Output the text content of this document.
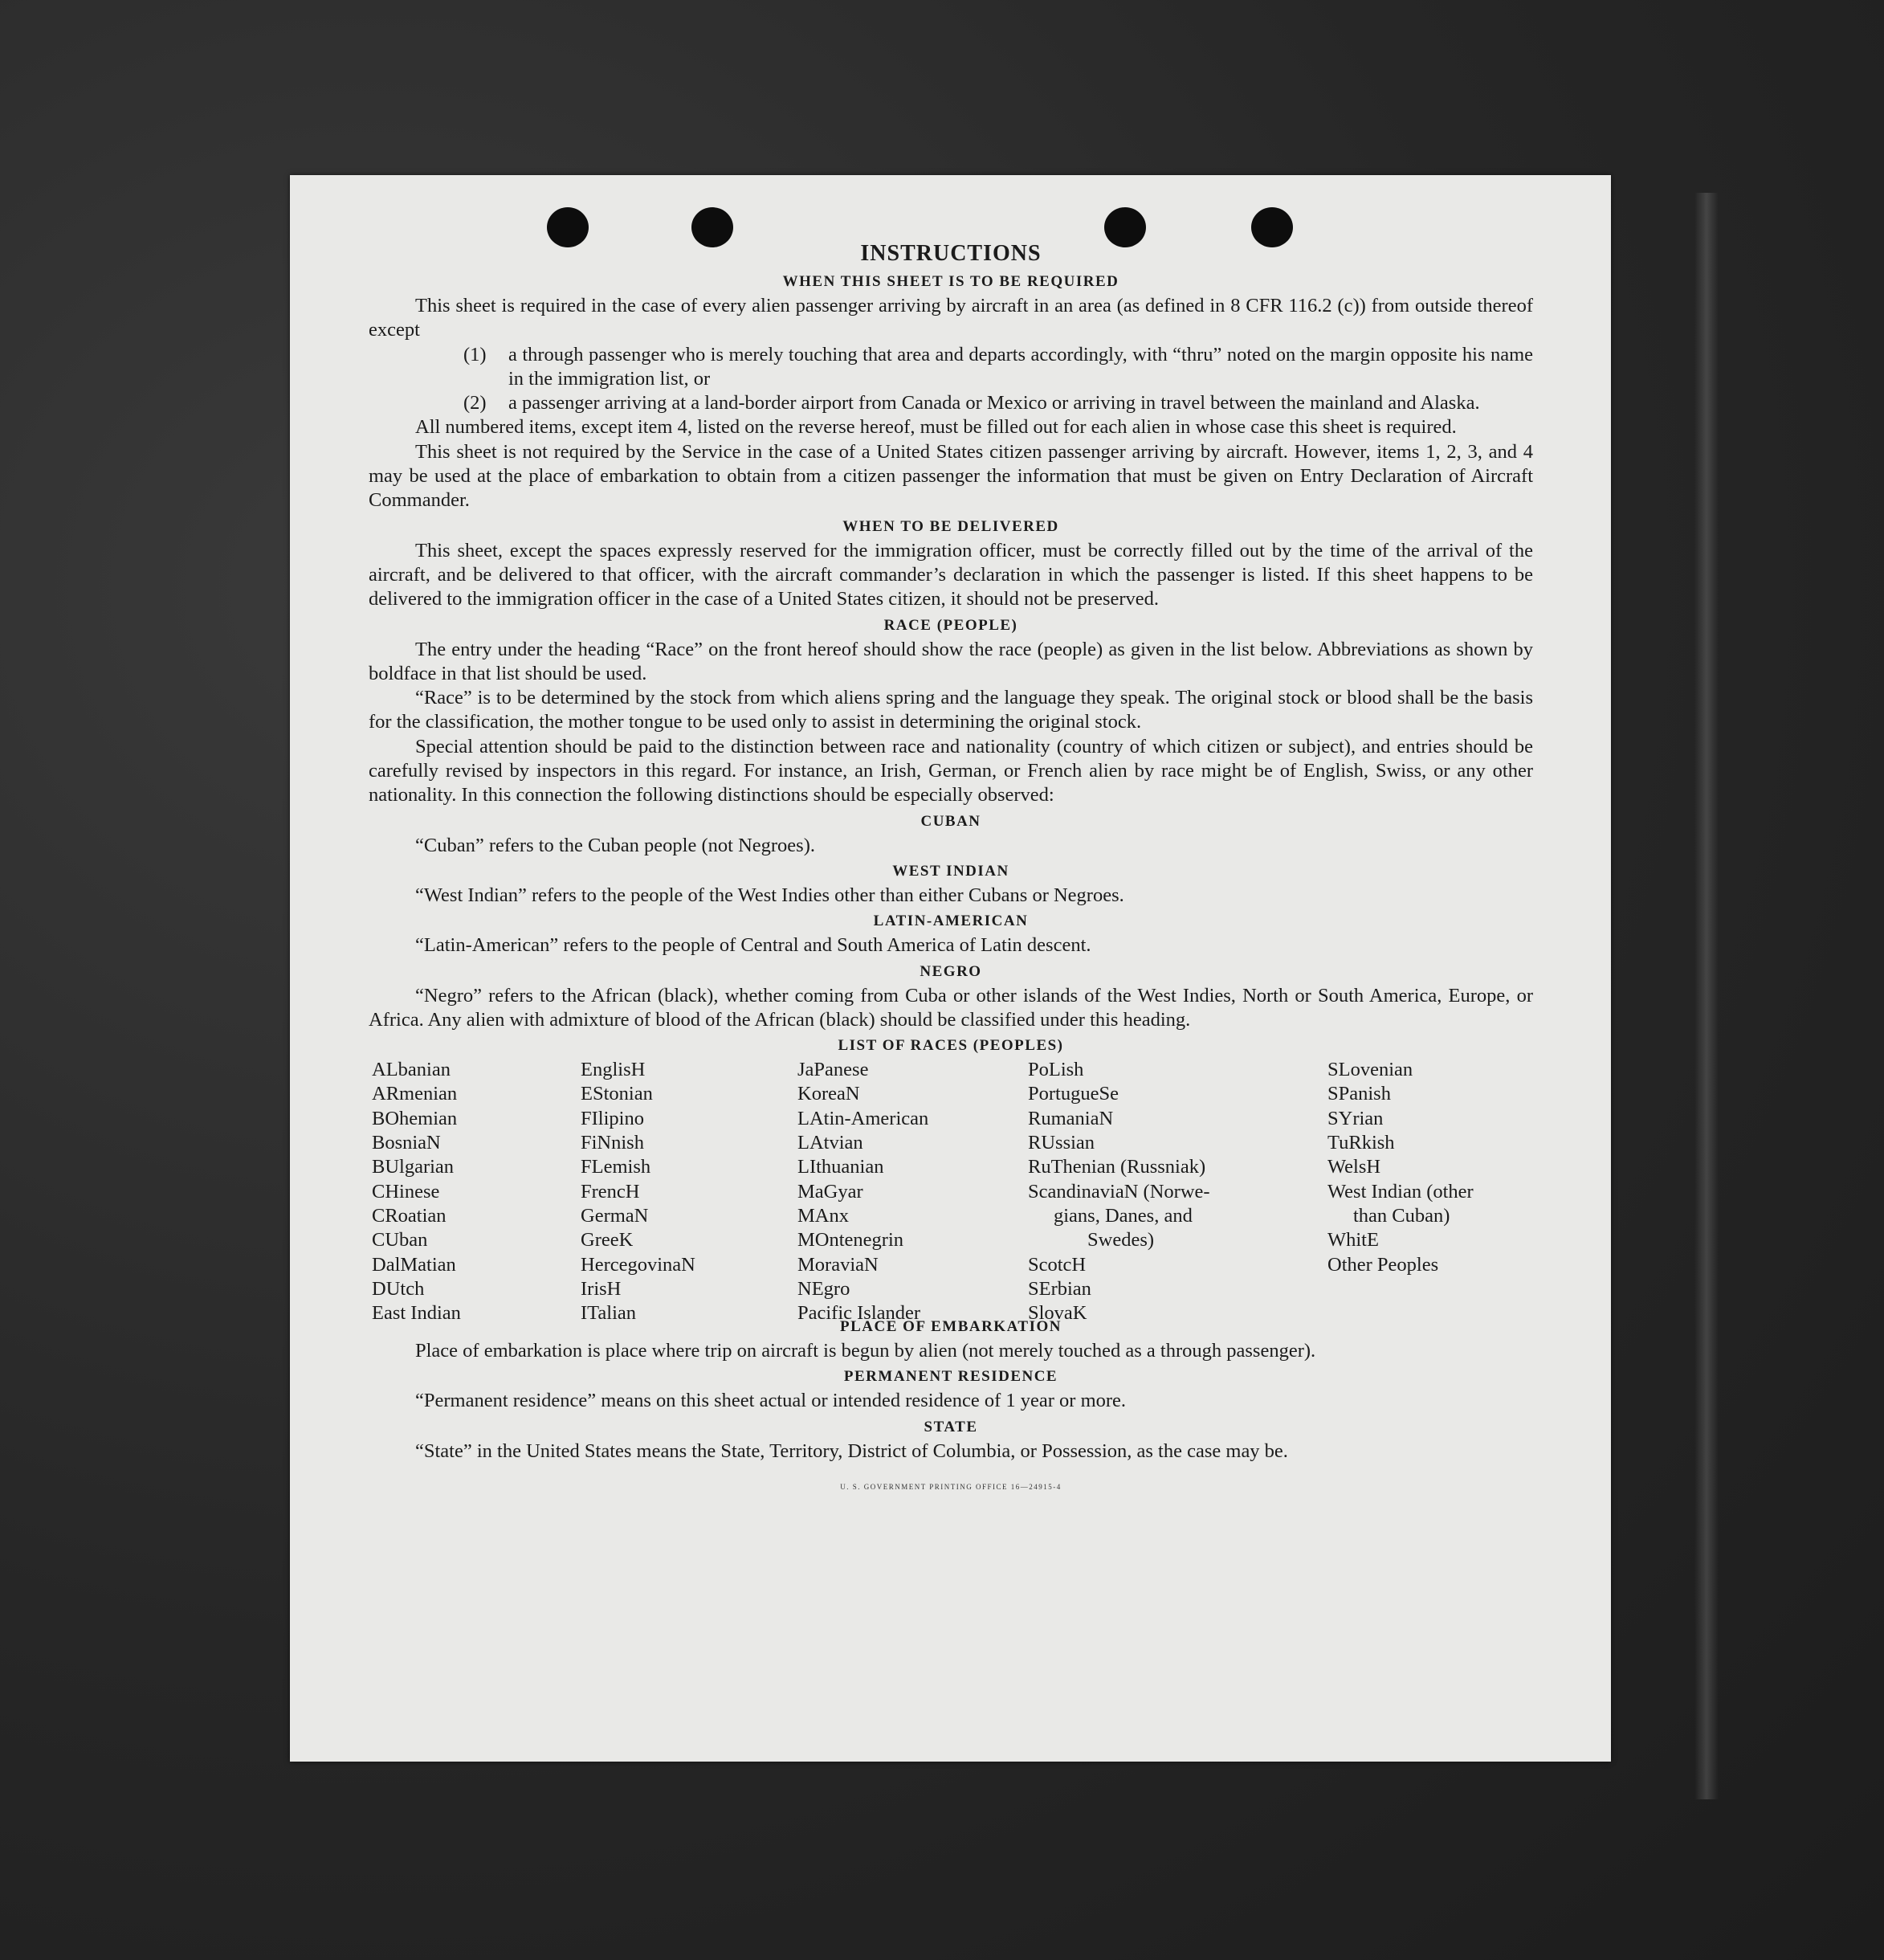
INSTRUCTIONS
WHEN THIS SHEET IS TO BE REQUIRED

This sheet is required in the case of every alien passenger arriving by aircraft in an area (as defined in 8 CFR 116.2 (c)) from outside thereof except

(1) a through passenger who is merely touching that area and departs accordingly, with “thru” noted on the margin opposite his name in the immigration list, or

(2) a passenger arriving at a land-border airport from Canada or Mexico or arriving in travel between the mainland and Alaska.

All numbered items, except item 4, listed on the reverse hereof, must be filled out for each alien in whose case this sheet is required.

This sheet is not required by the Service in the case of a United States citizen passenger arriving by aircraft. However, items 1, 2, 3, and 4 may be used at the place of embarkation to obtain from a citizen passenger the information that must be given on Entry Declaration of Aircraft Commander.

WHEN TO BE DELIVERED

This sheet, except the spaces expressly reserved for the immigration officer, must be correctly filled out by the time of the arrival of the aircraft, and be delivered to that officer, with the aircraft commander’s declaration in which the passenger is listed. If this sheet happens to be delivered to the immigration officer in the case of a United States citizen, it should not be preserved.

RACE (PEOPLE)

The entry under the heading “Race” on the front hereof should show the race (people) as given in the list below. Abbreviations as shown by boldface in that list should be used.

“Race” is to be determined by the stock from which aliens spring and the language they speak. The original stock or blood shall be the basis for the classification, the mother tongue to be used only to assist in determining the original stock.

Special attention should be paid to the distinction between race and nationality (country of which citizen or subject), and entries should be carefully revised by inspectors in this regard. For instance, an Irish, German, or French alien by race might be of English, Swiss, or any other nationality. In this connection the following distinctions should be especially observed:

CUBAN

“Cuban” refers to the Cuban people (not Negroes).

WEST INDIAN

“West Indian” refers to the people of the West Indies other than either Cubans or Negroes.

LATIN-AMERICAN

“Latin-American” refers to the people of Central and South America of Latin descent.

NEGRO

“Negro” refers to the African (black), whether coming from Cuba or other islands of the West Indies, North or South America, Europe, or Africa. Any alien with admixture of blood of the African (black) should be classified under this heading.

LIST OF RACES (PEOPLES)
ALbanian
ARmenian
BOhemian
BosniaN
BUlgarian
CHinese
CRoatian
CUban
DalMatian
DUtch
East Indian
EnglisH
EStonian
FIlipino
FiNnish
FLemish
FrencH
GermaN
GreeK
HercegovinaN
IrisH
ITalian
JaPanese
KoreaN
LAtin-American
LAtvian
LIthuanian
MaGyar
MAnx
MOntenegrin
MoraviaN
NEgro
Pacific Islander
PoLish
PortugueSe
RumaniaN
RUssian
RuThenian (Russniak)
ScandinaviaN (Norwe-
gians, Danes, and
Swedes)
ScotcH
SErbian
SlovaK
SLovenian
SPanish
SYrian
TuRkish
WelsH
West Indian (other
than Cuban)
WhitE
Other Peoples
PLACE OF EMBARKATION

Place of embarkation is place where trip on aircraft is begun by alien (not merely touched as a through passenger).

PERMANENT RESIDENCE

“Permanent residence” means on this sheet actual or intended residence of 1 year or more.

STATE

“State” in the United States means the State, Territory, District of Columbia, or Possession, as the case may be.

U. S. GOVERNMENT PRINTING OFFICE 16—24915-4
